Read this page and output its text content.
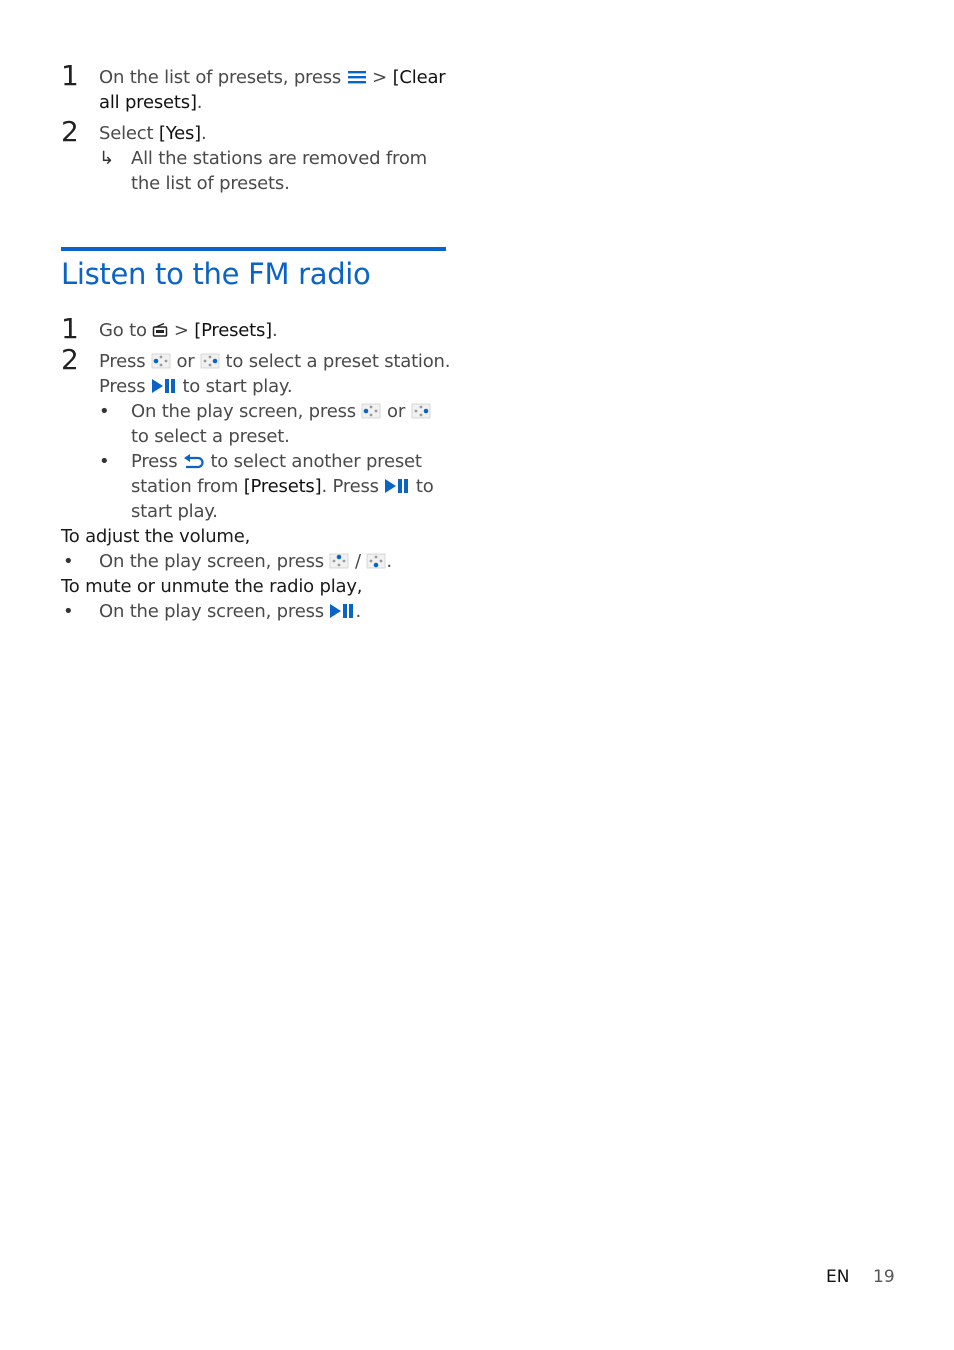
1 On the list of presets, press > [Clear all presets].
2 Select [Yes].
↳ All the stations are removed from the list of presets.
Listen to the FM radio
1 Go to > [Presets].
2 Press or to select a preset station.
Press to start play.
• On the play screen, press or  to select a preset.
• Press to select another preset station from [Presets]. Press to start play.
To adjust the volume,
• On the play screen, press / .
To mute or unmute the radio play,
• On the play screen, press .
EN 19
